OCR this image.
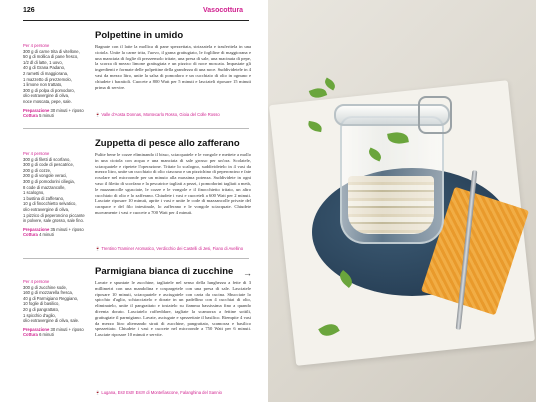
126	Vasocottura
Polpettine in umido
Per 4 persone
300 g di carne trita di vitellone,
50 g di mollica di pane fresco,
1/2 dl di latte, 1 uovo,
40 g di Grana Padano,
2 rametti di maggiorana,
1 mazzetto di prezzemolo,
1 limone non trattato,
300 g di polpa di pomodoro,
olio extravergine di oliva,
noce moscata, pepe, sale.
Preparazione 30 minuti + riposo
Cottura 5 minuti
Bagnate con il latte la mollica di pane spezzettata, strizzatela e trasferitela in una ciotola. Unite la carne trita, l'uovo, il grana grattugiato, le fogliline di maggiorana e una manciata di foglie di prezzemolo tritate, una presa di sale, una macinata di pepe, la scorza di mezzo limone grattugiata e un pizzico di noce moscata. Impastate gli ingredienti e formate delle polpettine della grandezza di una noce. Suddividetele in 4 vasi da mezzo litro, unite la salsa di pomodoro e un cucchiaio di olio in ognuno e chiudete i barattoli. Cuocete a 800 Watt per 5 minuti e lasciateli riposare 15 minuti prima di servire.
🍷 Valle d'Aosta Donnas, Montecarlo Rosso, Gioia del Colle Rosso
Zuppetta di pesce allo zafferano
Per 4 persone
300 g di filetti di scorfano,
300 g di code di pescatrice,
200 g di cozze,
200 g di vongole veraci,
300 g di pomodorini ciliegia,
8 code di mazzancolle,
1 scalogno,
1 bustina di zafferano,
10 g di finocchietto selvatico,
olio extravergine di oliva,
1 pizzico di peperoncino piccante
in polvere, sale grosso, sale fino.
Preparazione 35 minuti + riposo
Cottura 4 minuti
Pulite bene le cozze eliminando il bisso, sciacquatele e le vongole e mettete a mollo in una ciotola con acqua e una manciata di sale grosso per un'ora. Scolatele, sciacquatele e ripetete l'operazione. Tritate lo scalogno, suddividetelo in 4 vasi da mezzo litro, unite un cucchiaio di olio ciascuno e un pizzichino di peperoncino e fate rosolare nel microonde per un minuto alla massima potenza. Suddividete in ogni vaso il filetto di scorfano e la pescatrice tagliati a pezzi, i pomodorini tagliati a metà, le mazzancolle sgusciate, le cozze e le vongole e il finocchietto tritato, un altro cucchiaio di olio e lo zafferano. Chiudete i vasi e cuoceteli a 600 Watt per 2 minuti. Lasciate riposare 10 minuti, aprite i vasi e unite le code di mazzancolle private del carapace e del filo intestinale, lo zafferano e le vongole sciacquate. Chiudete nuovamente i vasi e cuocete a 700 Watt per 4 minuti.
🍷 Trentino Traminer Aromatico, Verdicchio dei Castelli di Jesi, Fiano di Avellino
Parmigiana bianca di zucchine
Per 4 persone
300 g di zucchine sode,
160 g di mozzarella fresca,
40 g di Parmigiano Reggiano,
10 foglie di basilico,
20 g di pangrattato,
1 spicchio d'aglio,
olio extravergine di oliva, sale.
Preparazione 30 minuti + riposo
Cottura 6 minuti
Lavate e spuntate le zucchine, tagliatele nel senso della lunghezza a fette di 3 millimetri con una mandolina e cospargetele con una presa di sale. Lasciatele riposare 10 minuti, sciacquatele e asciugatele con carta da cucina. Sbucciate lo spicchio d'aglio, schiacciatelo e dorate in un padellino con 4 cucchiai di olio, eliminatelo, unite il pangrattato e tostatelo su fiamma bassissima fino a quando diventa dorato. Lasciatelo raffreddare, tagliate la scamorza a fettine sottili, grattugiate il parmigiano. Lavate, asciugate e spezzettate il basilico. Riempite 4 vasi da mezzo litro alternando strati di zucchine, pangrattato, scamorza e basilico spezzettato. Chiudete i vasi e cuocete nel microonde a 750 Watt per 6 minuti. Lasciate riposare 10 minuti e servite.
🍷 Lugana, Est! Est!! Est!!! di Montefiascone, Falanghina del Sannio
→
